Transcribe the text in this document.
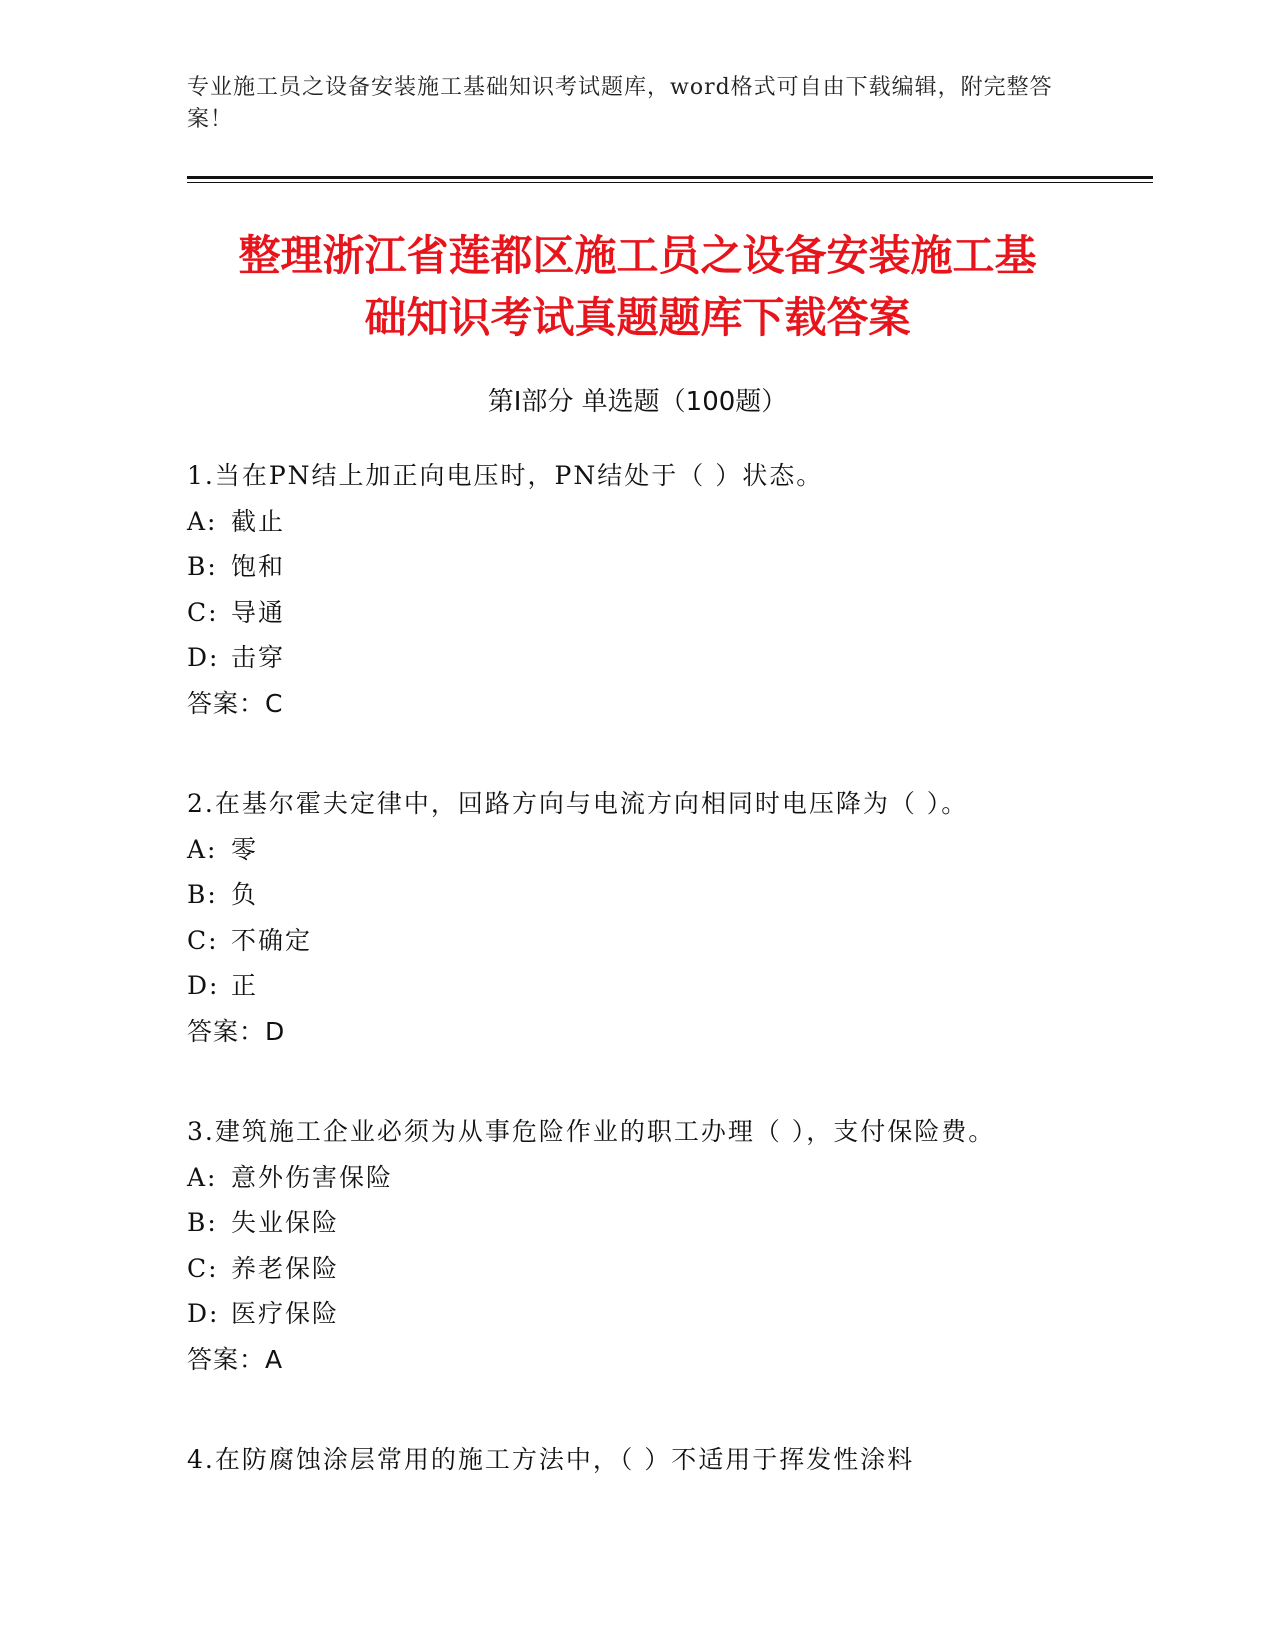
专业施工员之设备安装施工基础知识考试题库，word格式可自由下载编辑，附完整答案！
整理浙江省莲都区施工员之设备安装施工基
础知识考试真题题库下载答案
第Ⅰ部分 单选题（100题）
1.当在PN结上加正向电压时，PN结处于（ ）状态。
A: 截止
B: 饱和
C: 导通
D: 击穿
答案：C
2.在基尔霍夫定律中，回路方向与电流方向相同时电压降为（ ）。
A: 零
B: 负
C: 不确定
D: 正
答案：D
3.建筑施工企业必须为从事危险作业的职工办理（ ），支付保险费。
A: 意外伤害保险
B: 失业保险
C: 养老保险
D: 医疗保险
答案：A
4.在防腐蚀涂层常用的施工方法中，（ ）不适用于挥发性涂料
